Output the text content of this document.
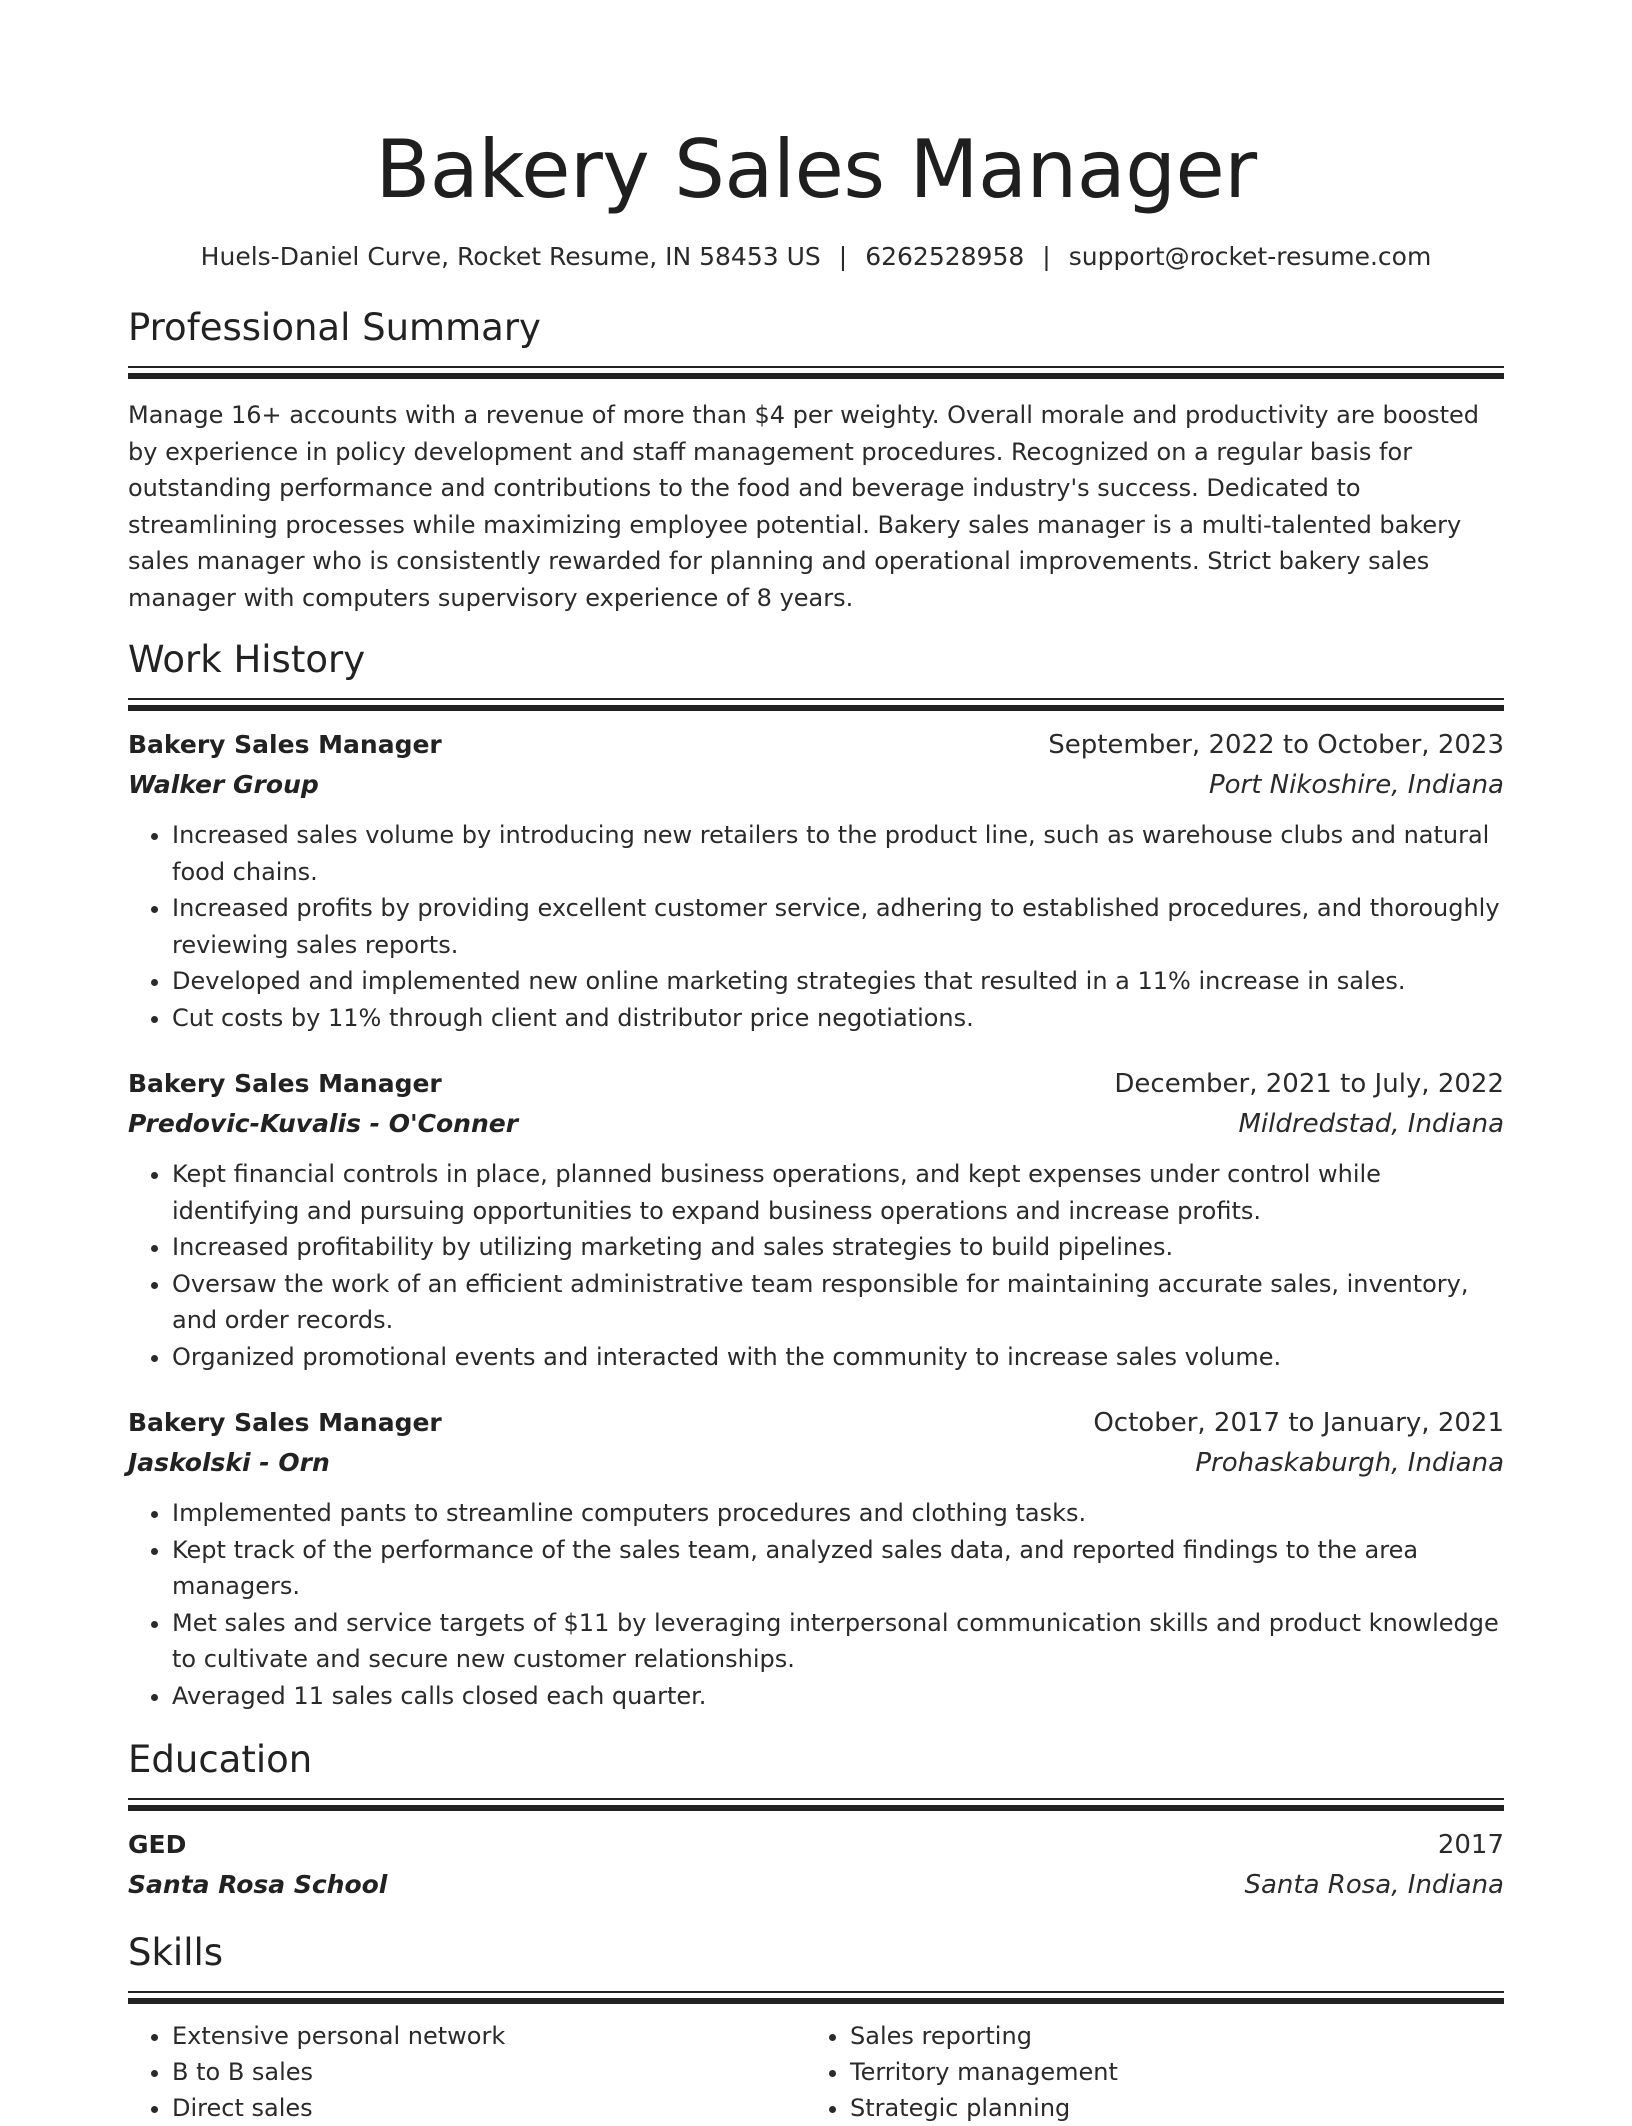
Bakery Sales Manager
Huels-Daniel Curve, Rocket Resume, IN 58453 US | 6262528958 | support@rocket-resume.com
Professional Summary

Manage 16+ accounts with a revenue of more than $4 per weighty. Overall morale and productivity are boosted by experience in policy development and staff management procedures. Recognized on a regular basis for outstanding performance and contributions to the food and beverage industry's success. Dedicated to streamlining processes while maximizing employee potential. Bakery sales manager is a multi-talented bakery sales manager who is consistently rewarded for planning and operational improvements. Strict bakery sales manager with computers supervisory experience of 8 years.

Work History
Bakery Sales Manager	September, 2022 to October, 2023
Walker Group	Port Nikoshire, Indiana
• Increased sales volume by introducing new retailers to the product line, such as warehouse clubs and natural food chains.
• Increased profits by providing excellent customer service, adhering to established procedures, and thoroughly reviewing sales reports.
• Developed and implemented new online marketing strategies that resulted in a 11% increase in sales.
• Cut costs by 11% through client and distributor price negotiations.
Bakery Sales Manager	December, 2021 to July, 2022
Predovic-Kuvalis - O'Conner	Mildredstad, Indiana
• Kept financial controls in place, planned business operations, and kept expenses under control while identifying and pursuing opportunities to expand business operations and increase profits.
• Increased profitability by utilizing marketing and sales strategies to build pipelines.
• Oversaw the work of an efficient administrative team responsible for maintaining accurate sales, inventory, and order records.
• Organized promotional events and interacted with the community to increase sales volume.
Bakery Sales Manager	October, 2017 to January, 2021
Jaskolski - Orn	Prohaskaburgh, Indiana
• Implemented pants to streamline computers procedures and clothing tasks.
• Kept track of the performance of the sales team, analyzed sales data, and reported findings to the area managers.
• Met sales and service targets of $11 by leveraging interpersonal communication skills and product knowledge to cultivate and secure new customer relationships.
• Averaged 11 sales calls closed each quarter.
Education
GED	2017
Santa Rosa School	Santa Rosa, Indiana
Skills
• Extensive personal network
• B to B sales
• Direct sales
• Sales reporting
• Territory management
• Strategic planning
